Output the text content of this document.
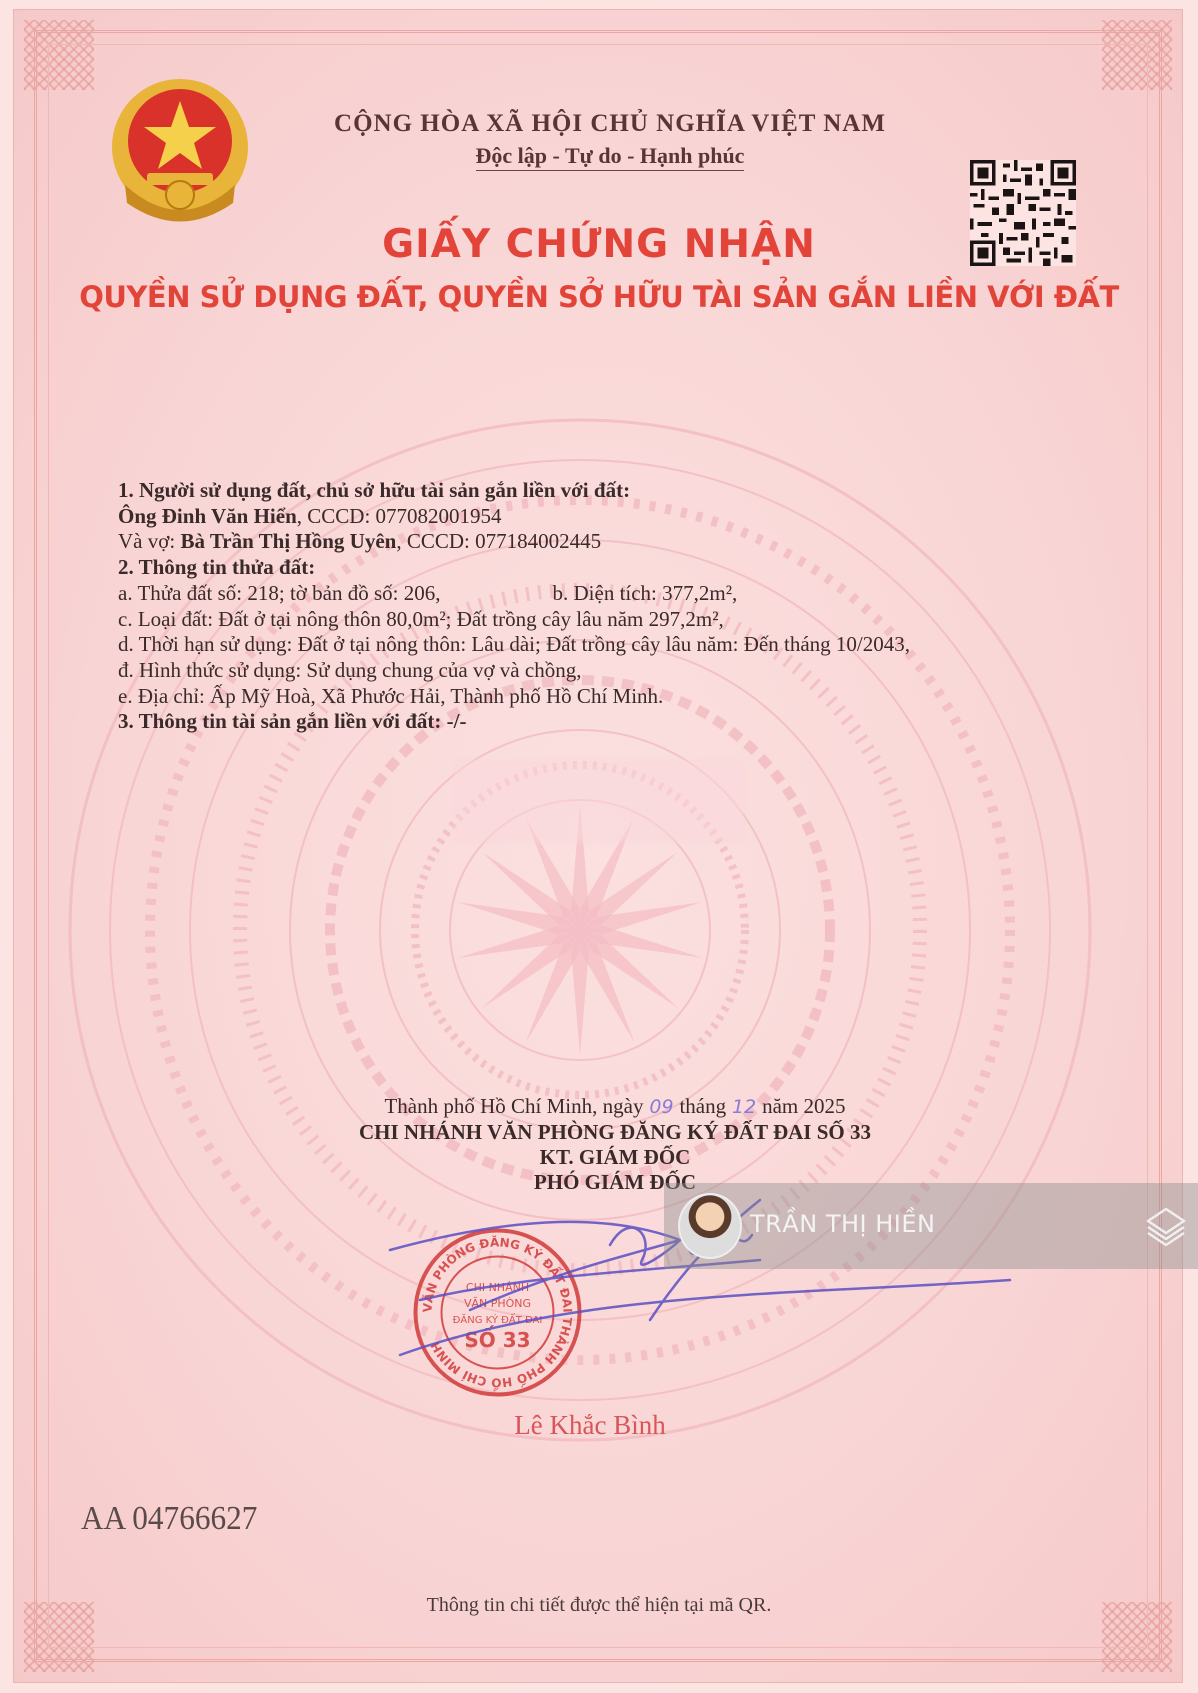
CỘNG HÒA XÃ HỘI CHỦ NGHĨA VIỆT NAM
Độc lập - Tự do - Hạnh phúc
GIẤY CHỨNG NHẬN
QUYỀN SỬ DỤNG ĐẤT, QUYỀN SỞ HỮU TÀI SẢN GẮN LIỀN VỚI ĐẤT
1. Người sử dụng đất, chủ sở hữu tài sản gắn liền với đất:
Ông Đinh Văn Hiển, CCCD: 077082001954
Và vợ: Bà Trần Thị Hồng Uyên, CCCD: 077184002445
2. Thông tin thửa đất:
a. Thửa đất số: 218; tờ bản đồ số: 206,	b. Diện tích: 377,2m²,
c. Loại đất: Đất ở tại nông thôn 80,0m²; Đất trồng cây lâu năm 297,2m²,
d. Thời hạn sử dụng: Đất ở tại nông thôn: Lâu dài; Đất trồng cây lâu năm: Đến tháng 10/2043,
đ. Hình thức sử dụng: Sử dụng chung của vợ và chồng,
e. Địa chỉ: Ấp Mỹ Hoà, Xã Phước Hải, Thành phố Hồ Chí Minh.
3. Thông tin tài sản gắn liền với đất: -/-
Thành phố Hồ Chí Minh, ngày 09 tháng 12 năm 2025
CHI NHÁNH VĂN PHÒNG ĐĂNG KÝ ĐẤT ĐAI SỐ 33
KT. GIÁM ĐỐC
PHÓ GIÁM ĐỐC
VĂN PHÒNG ĐĂNG KÝ ĐẤT ĐAI THÀNH PHỐ HỒ CHÍ MINH
CHI NHÁNH
VĂN PHÒNG
ĐĂNG KÝ ĐẤT ĐAI
SỐ 33
Lê Khắc Bình
AA 04766627
Thông tin chi tiết được thể hiện tại mã QR.
TRẦN THỊ HIỀN
